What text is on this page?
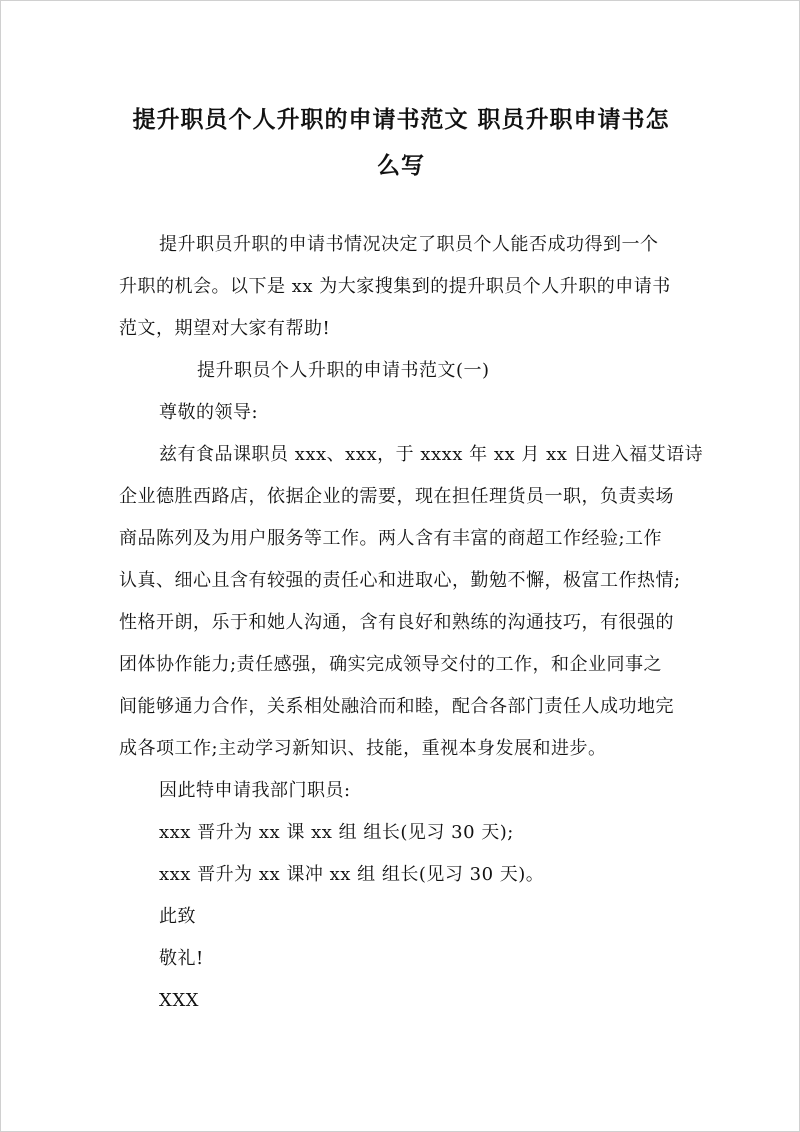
提升职员个人升职的申请书范文 职员升职申请书怎
么写
提升职员升职的申请书情况决定了职员个人能否成功得到一个
升职的机会。以下是 xx 为大家搜集到的提升职员个人升职的申请书
范文，期望对大家有帮助!
提升职员个人升职的申请书范文(一)
尊敬的领导:
兹有食品课职员 xxx、xxx，于 xxxx 年 xx 月 xx 日进入福艾语诗
企业德胜西路店，依据企业的需要，现在担任理货员一职，负责卖场
商品陈列及为用户服务等工作。两人含有丰富的商超工作经验;工作
认真、细心且含有较强的责任心和进取心，勤勉不懈，极富工作热情;
性格开朗，乐于和她人沟通，含有良好和熟练的沟通技巧，有很强的
团体协作能力;责任感强，确实完成领导交付的工作，和企业同事之
间能够通力合作，关系相处融洽而和睦，配合各部门责任人成功地完
成各项工作;主动学习新知识、技能，重视本身发展和进步。
因此特申请我部门职员:
xxx 晋升为 xx 课 xx 组 组长(见习 30 天);
xxx 晋升为 xx 课冲 xx 组 组长(见习 30 天)。
此致
敬礼!
XXX
